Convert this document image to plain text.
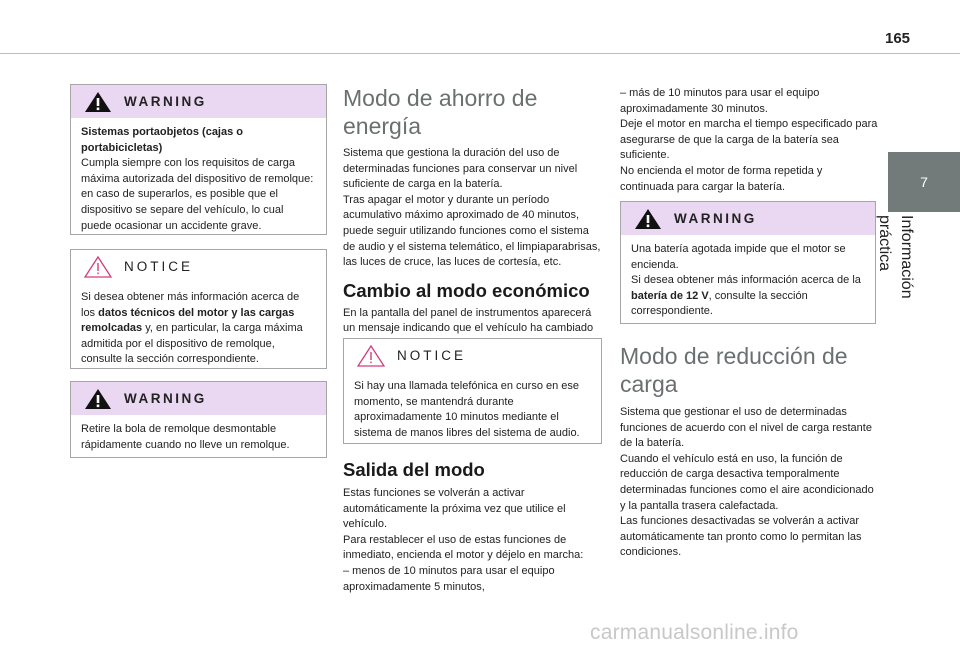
165
7
Información práctica
WARNING
Sistemas portaobjetos (cajas o portabicicletas)
Cumpla siempre con los requisitos de carga máxima autorizada del dispositivo de remolque: en caso de superarlos, es posible que el dispositivo se separe del vehículo, lo cual puede ocasionar un accidente grave.
NOTICE
Si desea obtener más información acerca de los datos técnicos del motor y las cargas remolcadas y, en particular, la carga máxima admitida por el dispositivo de remolque, consulte la sección correspondiente.
WARNING
Retire la bola de remolque desmontable rápidamente cuando no lleve un remolque.
Modo de ahorro de energía

Sistema que gestiona la duración del uso de determinadas funciones para conservar un nivel suficiente de carga en la batería.

Tras apagar el motor y durante un período acumulativo máximo aproximado de 40 minutos, puede seguir utilizando funciones como el sistema de audio y el sistema telemático, el limpiaparabrisas, las luces de cruce, las luces de cortesía, etc.

Cambio al modo económico

En la pantalla del panel de instrumentos aparecerá un mensaje indicando que el vehículo ha cambiado

NOTICE
Si hay una llamada telefónica en curso en ese momento, se mantendrá durante aproximadamente 10 minutos mediante el sistema de manos libres del sistema de audio.
Salida del modo

Estas funciones se volverán a activar automáticamente la próxima vez que utilice el vehículo.

Para restablecer el uso de estas funciones de inmediato, encienda el motor y déjelo en marcha:

– menos de 10 minutos para usar el equipo aproximadamente 5 minutos,

– más de 10 minutos para usar el equipo aproximadamente 30 minutos.

Deje el motor en marcha el tiempo especificado para asegurarse de que la carga de la batería sea suficiente.

No encienda el motor de forma repetida y continuada para cargar la batería.

WARNING
Una batería agotada impide que el motor se encienda.
Si desea obtener más información acerca de la batería de 12 V, consulte la sección correspondiente.
Modo de reducción de carga

Sistema que gestionar el uso de determinadas funciones de acuerdo con el nivel de carga restante de la batería.

Cuando el vehículo está en uso, la función de reducción de carga desactiva temporalmente determinadas funciones como el aire acondicionado y la pantalla trasera calefactada.

Las funciones desactivadas se volverán a activar automáticamente tan pronto como lo permitan las condiciones.

carmanualsonline.info
